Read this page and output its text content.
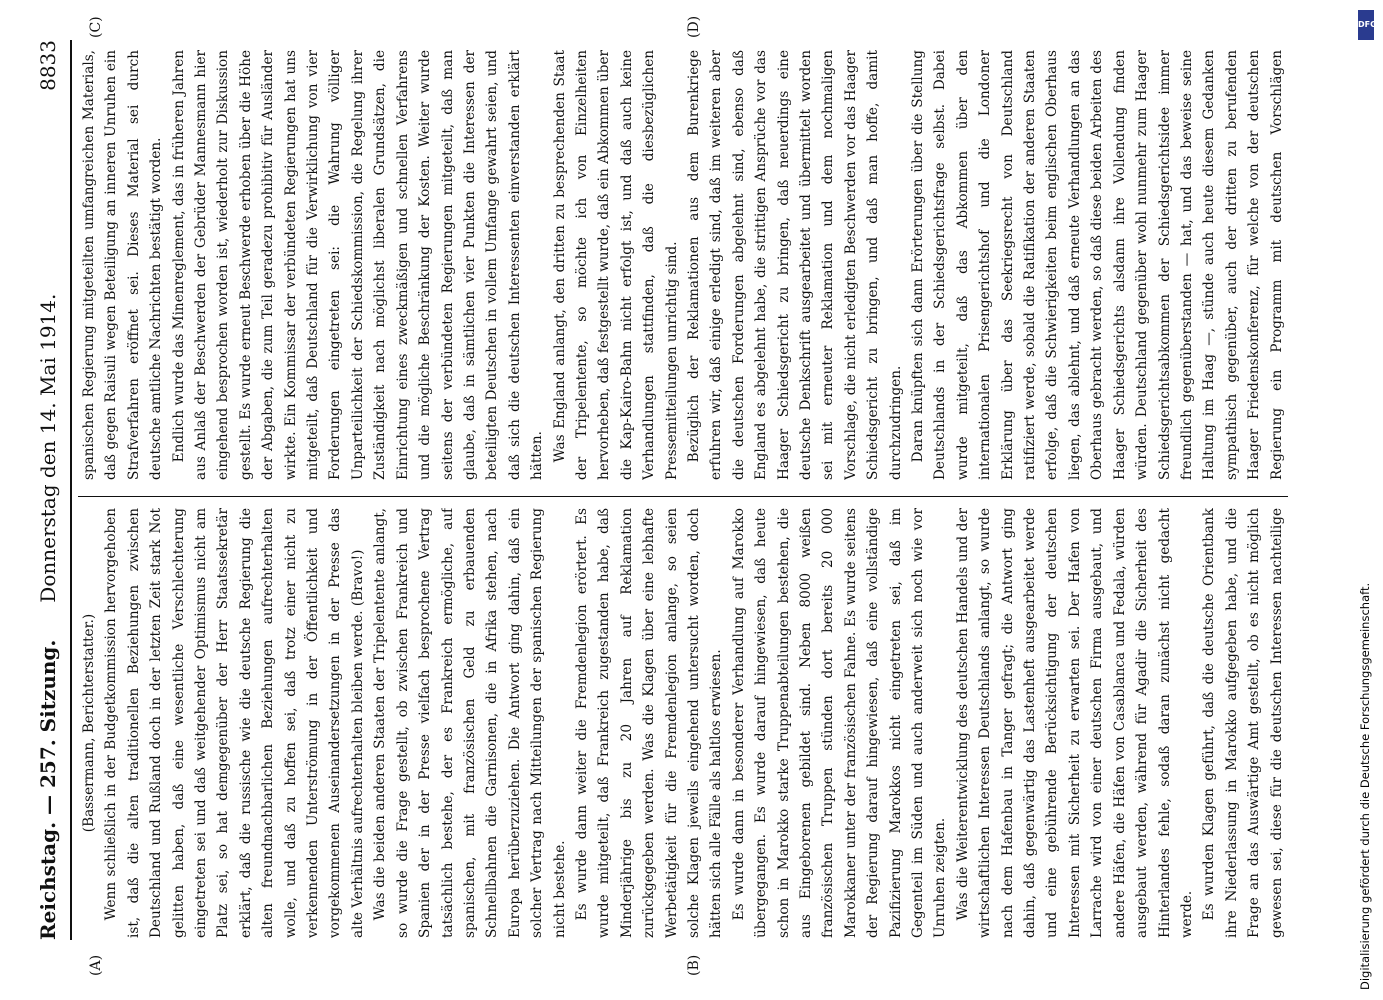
Reichstag. — 257. Sitzung.
Donnerstag den 14. Mai 1914.  8833
(A)	(B)
(C)	(D)

(Bassermann, Berichterstatter.) Wenn schließlich in der Budgetkommission hervorgehoben ist, daß die alten traditionellen Beziehungen zwischen Deutschland und Rußland doch in der letzten Zeit stark Not gelitten haben, daß eine wesentliche Verschlechterung eingetreten sei und daß weitgehender Optimismus nicht am Platz sei, so hat demgegenüber der Herr Staatssekretär erklärt, daß die russische wie die deutsche Regierung die alten freundnachbarlichen Beziehungen aufrechterhalten wolle, und daß zu hoffen sei, daß trotz einer nicht zu verkennenden Unterströmung in der Öffentlichkeit und vorgekommenen Auseinandersetzungen in der Presse das alte Verhältnis aufrechterhalten bleiben werde. (Bravo!) Was die beiden anderen Staaten der Tripelentente anlangt, so wurde die Frage gestellt, ob zwischen Frankreich und Spanien der in der Presse vielfach besprochene Vertrag tatsächlich bestehe, der es Frankreich ermögliche, auf spanischen, mit französischen Geld zu erbauenden Schnellbahnen die Garnisonen, die in Afrika stehen, nach Europa herüberzuziehen. Die Antwort ging dahin, daß ein solcher Vertrag nach Mitteilungen der spanischen Regierung nicht bestehe. Es wurde dann weiter die Fremdenlegion erörtert. Es wurde mitgeteilt, daß Frankreich zugestanden habe, daß Minderjährige bis zu 20 Jahren auf Reklamation zurückgegeben werden. Was die Klagen über eine lebhafte Werbetätigkeit für die Fremdenlegion anlange, so seien solche Klagen jeweils eingehend untersucht worden, doch hätten sich alle Fälle als haltlos erwiesen. Es wurde dann in besonderer Verhandlung auf Marokko übergegangen. Es wurde darauf hingewiesen, daß heute schon in Marokko starke Truppenabteilungen bestehen, die aus Eingeborenen gebildet sind. Neben 8000 weißen französischen Truppen stünden dort bereits 20 000 Marokkaner unter der französischen Fahne. Es wurde seitens der Regierung darauf hingewiesen, daß eine vollständige Pazifizierung Marokkos nicht eingetreten sei, daß im Gegenteil im Süden und auch anderweit sich noch wie vor Unruhen zeigten. Was die Weiterentwicklung des deutschen Handels und der wirtschaftlichen Interessen Deutschlands anlangt, so wurde nach dem Hafenbau in Tanger gefragt; die Antwort ging dahin, daß gegenwärtig das Lastenheft ausgearbeitet werde und eine gebührende Berücksichtigung der deutschen Interessen mit Sicherheit zu erwarten sei. Der Hafen von Larrache wird von einer deutschen Firma ausgebaut, und andere Häfen, die Häfen von Casablanca und Fedala, würden ausgebaut werden, während für Agadir die Sicherheit des Hinterlandes fehle, sodaß daran zunächst nicht gedacht werde. Es wurden Klagen geführt, daß die deutsche Orientbank ihre Niederlassung in Marokko aufgegeben habe, und die Frage an das Auswärtige Amt gestellt, ob es nicht möglich gewesen sei, diese für die deutschen Interessen nachteilige

spanischen Regierung mitgeteilten umfangreichen Materials, daß gegen Raisuli wegen Beteiligung an inneren Unruhen ein Strafverfahren eröffnet sei. Dieses Material sei durch deutsche amtliche Nachrichten bestätigt worden. Endlich wurde das Minenreglement, das in früheren Jahren aus Anlaß der Beschwerden der Gebrüder Mannesmann hier eingehend besprochen worden ist, wiederholt zur Diskussion gestellt. Es wurde erneut Beschwerde erhoben über die Höhe der Abgaben, die zum Teil geradezu prohibitiv für Ausländer wirkte. Ein Kommissar der verbündeten Regierungen hat uns mitgeteilt, daß Deutschland für die Verwirklichung von vier Forderungen eingetreten sei: die Wahrung völliger Unparteilichkeit der Schiedskommission, die Regelung ihrer Zuständigkeit nach möglichst liberalen Grundsätzen, die Einrichtung eines zweckmäßigen und schnellen Verfahrens und die mögliche Beschränkung der Kosten. Weiter wurde seitens der verbündeten Regierungen mitgeteilt, daß man glaube, daß in sämtlichen vier Punkten die Interessen der beteiligten Deutschen in vollem Umfange gewahrt seien, und daß sich die deutschen Interessenten einverstanden erklärt hätten. Was England anlangt, den dritten zu besprechenden Staat der Tripelentente, so möchte ich von Einzelheiten hervorheben, daß festgestellt wurde, daß ein Abkommen über die Kap-Kairo-Bahn nicht erfolgt ist, und daß auch keine Verhandlungen stattfinden, daß die diesbezüglichen Pressemitteilungen unrichtig sind. Bezüglich der Reklamationen aus dem Burenkriege erfuhren wir, daß einige erledigt sind, daß im weiteren aber die deutschen Forderungen abgelehnt sind, ebenso daß England es abgelehnt habe, die strittigen Ansprüche vor das Haager Schiedsgericht zu bringen, daß neuerdings eine deutsche Denkschrift ausgearbeitet und übermittelt worden sei mit erneuter Reklamation und dem nochmaligen Vorschlage, die nicht erledigten Beschwerden vor das Haager Schiedsgericht zu bringen, und daß man hoffe, damit durchzudringen. Daran knüpften sich dann Erörterungen über die Stellung Deutschlands in der Schiedsgerichtsfrage selbst. Dabei wurde mitgeteilt, daß das Abkommen über den internationalen Prisengerichtshof und die Londoner Erklärung über das Seekriegsrecht von Deutschland ratifiziert werde, sobald die Ratifikation der anderen Staaten erfolge, daß die Schwierigkeiten beim englischen Oberhaus liegen, das ablehnt, und daß erneute Verhandlungen an das Oberhaus gebracht werden, so daß diese beiden Arbeiten des Haager Schiedsgerichts alsdann ihre Vollendung finden würden. Deutschland gegenüber wohl nunmehr zum Haager Schiedsgerichtsabkommen der Schiedsgerichtsidee immer freundlich gegenüberstanden — hat, und das beweise seine Haltung im Haag —, stünde auch heute diesem Gedanken sympathisch gegenüber, auch der dritten zu berufenden Haager Friedenskonferenz, für welche von der deutschen Regierung ein Programm mit deutschen Vorschlägen

Digitalisierung gefördert durch die Deutsche Forschungsgemeinschaft.
DFG
